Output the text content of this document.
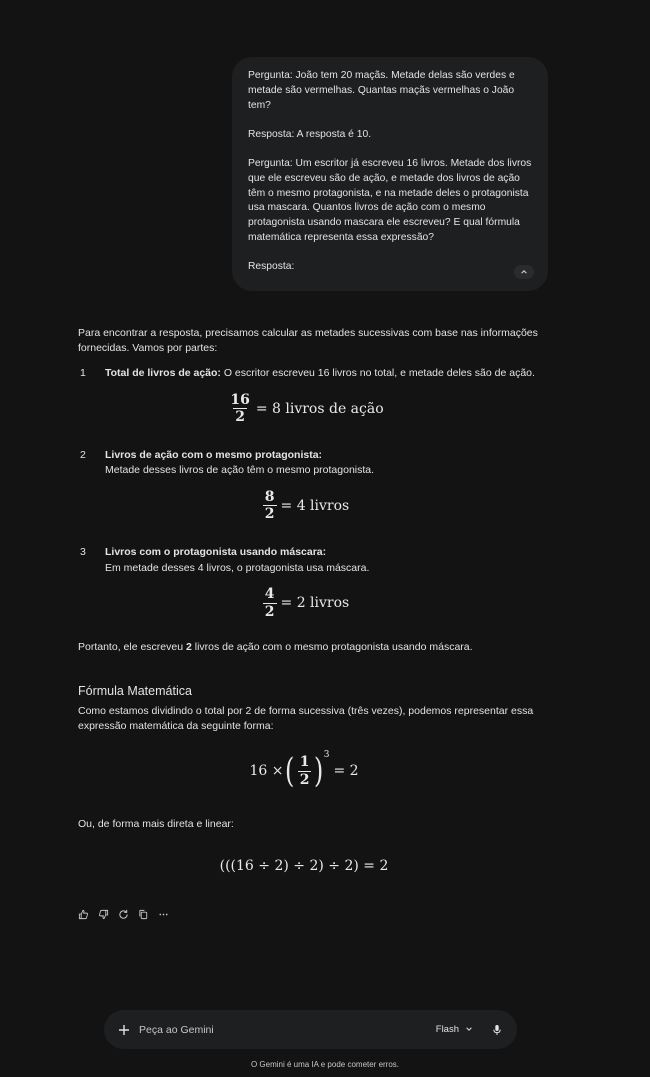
Pergunta: João tem 20 maçãs. Metade delas são verdes e metade são vermelhas. Quantas maçãs vermelhas o João tem?

Resposta: A resposta é 10.

Pergunta: Um escritor já escreveu 16 livros. Metade dos livros que ele escreveu são de ação, e metade dos livros de ação têm o mesmo protagonista, e na metade deles o protagonista usa mascara. Quantos livros de ação com o mesmo protagonista usando mascara ele escreveu? E qual fórmula matemática representa essa expressão?

Resposta:

Para encontrar a resposta, precisamos calcular as metades sucessivas com base nas informações fornecidas. Vamos por partes:

1	Total de livros de ação: O escritor escreveu 16 livros no total, e metade deles são de ação.
$\frac{16}{2} = 8$ livros de ação
2	Livros de ação com o mesmo protagonista:
Metade desses livros de ação têm o mesmo protagonista.
$\frac{8}{2} = 4$ livros
3	Livros com o protagonista usando máscara:
Em metade desses 4 livros, o protagonista usa máscara.
$\frac{4}{2} = 2$ livros

Portanto, ele escreveu 2 livros de ação com o mesmo protagonista usando máscara.

Fórmula Matemática

Como estamos dividindo o total por 2 de forma sucessiva (três vezes), podemos representar essa expressão matemática da seguinte forma:

16 × ( $\frac{1}{2} )^3$
= 2

Ou, de forma mais direta e linear:

(((16 ÷ 2) ÷ 2) ÷ 2) = 2
Peça ao Gemini
Flash
O Gemini é uma IA e pode cometer erros.
